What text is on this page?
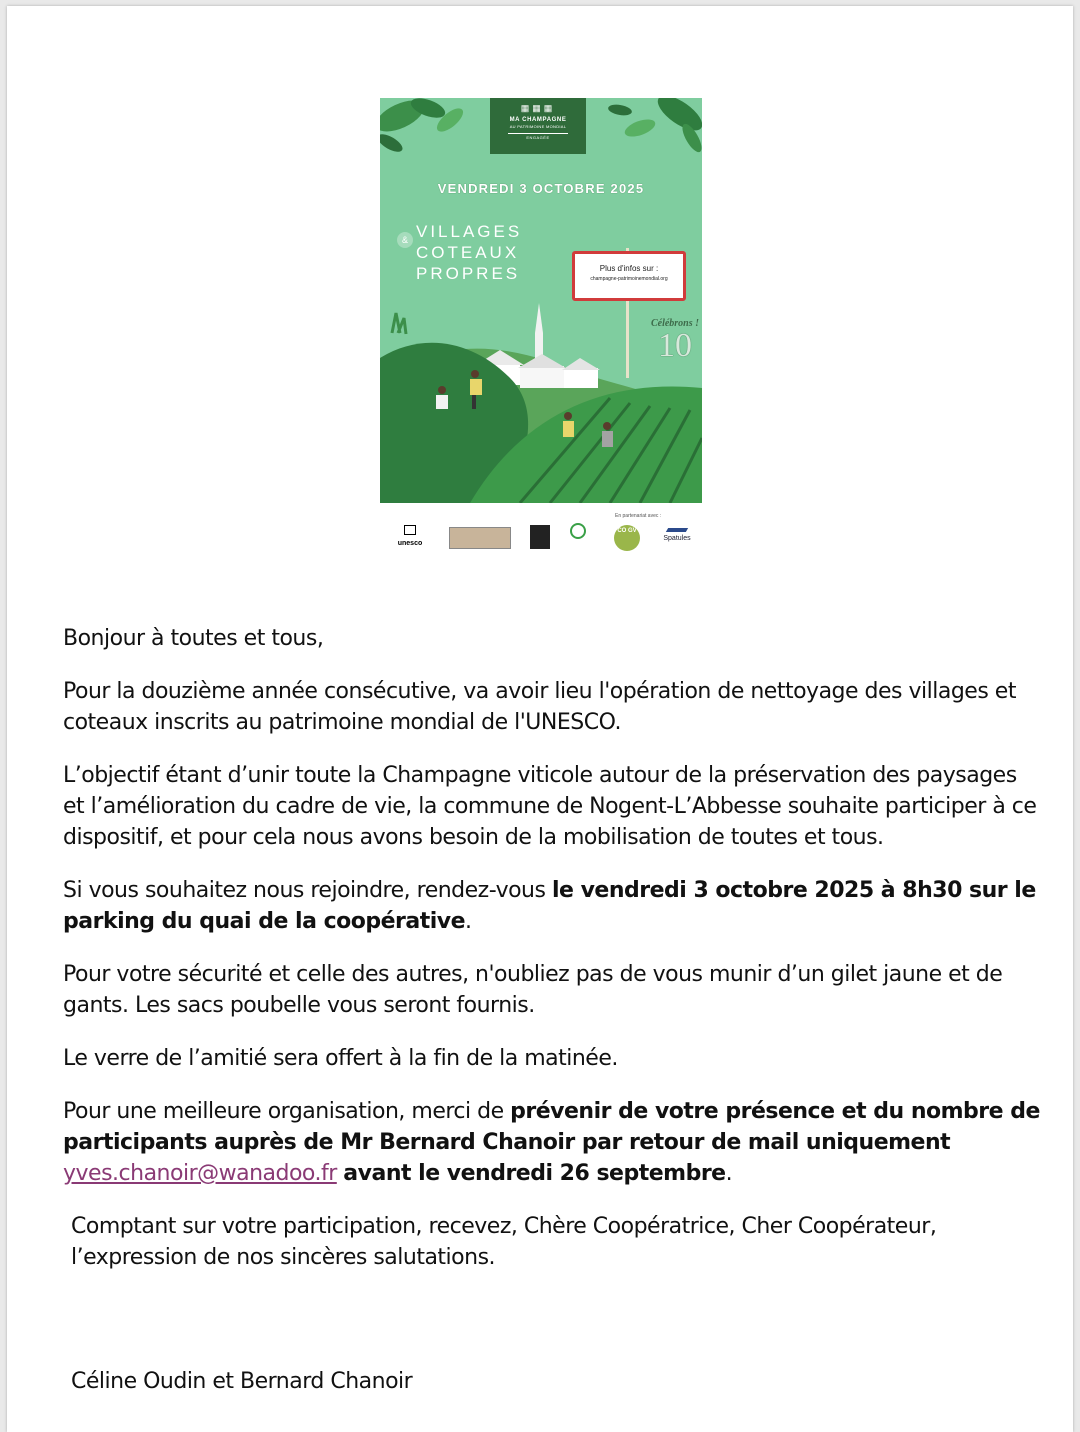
▦▦▦
MA CHAMPAGNE
AU PATRIMOINE MONDIAL
ENGAGÉE
VENDREDI 3 OCTOBRE 2025
& VILLAGES
COTEAUX
PROPRES	Plus d'infos sur :
champagne-patrimoinemondial.org
Célébrons !
10
En partenariat avec :
unesco
CO GV
Spatules

Bonjour à toutes et tous,

Pour la douzième année consécutive, va avoir lieu l'opération de nettoyage des villages et coteaux inscrits au patrimoine mondial de l'UNESCO.

L’objectif étant d’unir toute la Champagne viticole autour de la préservation des paysages et l’amélioration du cadre de vie, la commune de Nogent-L’Abbesse souhaite participer à ce dispositif, et pour cela nous avons besoin de la mobilisation de toutes et tous.

Si vous souhaitez nous rejoindre, rendez-vous le vendredi 3 octobre 2025 à 8h30 sur le parking du quai de la coopérative.

Pour votre sécurité et celle des autres, n'oubliez pas de vous munir d’un gilet jaune et de gants. Les sacs poubelle vous seront fournis.

Le verre de l’amitié sera offert à la fin de la matinée.

Pour une meilleure organisation, merci de prévenir de votre présence et du nombre de participants auprès de Mr Bernard Chanoir par retour de mail uniquement yves.chanoir@wanadoo.fr avant le vendredi 26 septembre.

Comptant sur votre participation, recevez, Chère Coopératrice, Cher Coopérateur, l’expression de nos sincères salutations.

Céline Oudin et Bernard Chanoir
